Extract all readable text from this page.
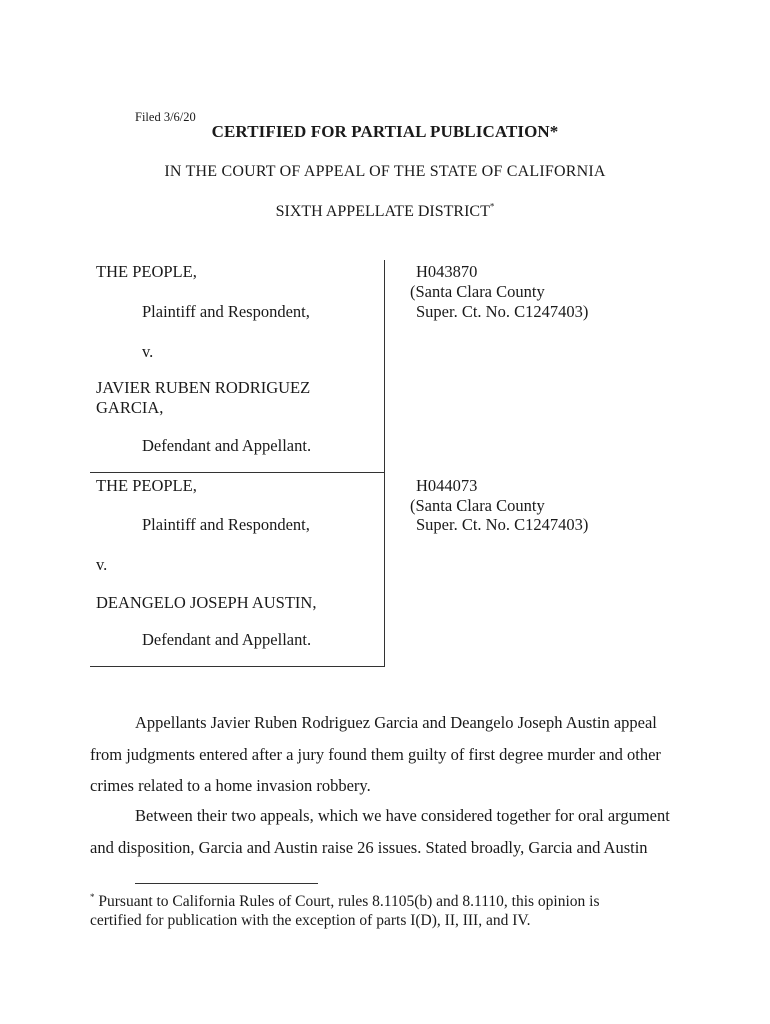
Filed 3/6/20
CERTIFIED FOR PARTIAL PUBLICATION*
IN THE COURT OF APPEAL OF THE STATE OF CALIFORNIA
SIXTH APPELLATE DISTRICT*
THE PEOPLE,
Plaintiff and Respondent,
v.
JAVIER RUBEN RODRIGUEZ
GARCIA,
Defendant and Appellant.
H043870
(Santa Clara County
Super. Ct. No. C1247403)
THE PEOPLE,
Plaintiff and Respondent,
v.
DEANGELO JOSEPH AUSTIN,
Defendant and Appellant.
H044073
(Santa Clara County
Super. Ct. No. C1247403)
Appellants Javier Ruben Rodriguez Garcia and Deangelo Joseph Austin appeal
from judgments entered after a jury found them guilty of first degree murder and other
crimes related to a home invasion robbery.
Between their two appeals, which we have considered together for oral argument
and disposition, Garcia and Austin raise 26 issues. Stated broadly, Garcia and Austin
* Pursuant to California Rules of Court, rules 8.1105(b) and 8.1110, this opinion is
certified for publication with the exception of parts I(D), II, III, and IV.
